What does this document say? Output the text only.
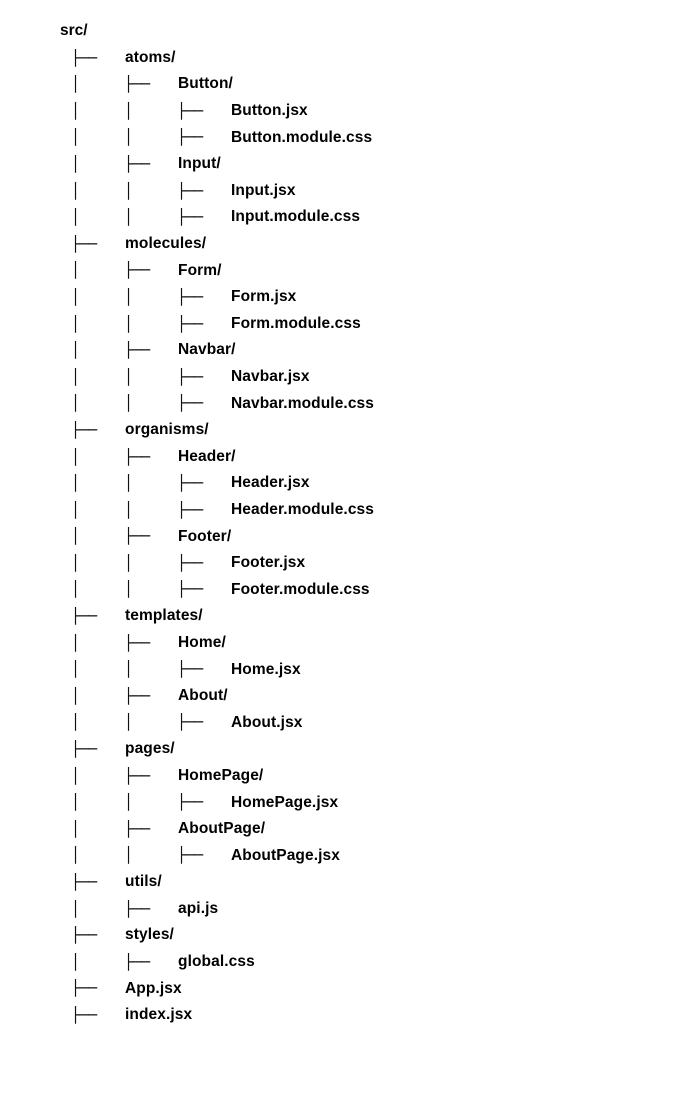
src/
├──
atoms/
│
├──
Button/
│
│
├──
Button.jsx
│
│
├──
Button.module.css
│
├──
Input/
│
│
├──
Input.jsx
│
│
├──
Input.module.css
├──
molecules/
│
├──
Form/
│
│
├──
Form.jsx
│
│
├──
Form.module.css
│
├──
Navbar/
│
│
├──
Navbar.jsx
│
│
├──
Navbar.module.css
├──
organisms/
│
├──
Header/
│
│
├──
Header.jsx
│
│
├──
Header.module.css
│
├──
Footer/
│
│
├──
Footer.jsx
│
│
├──
Footer.module.css
├──
templates/
│
├──
Home/
│
│
├──
Home.jsx
│
├──
About/
│
│
├──
About.jsx
├──
pages/
│
├──
HomePage/
│
│
├──
HomePage.jsx
│
├──
AboutPage/
│
│
├──
AboutPage.jsx
├──
utils/
│
├──
api.js
├──
styles/
│
├──
global.css
├──
App.jsx
├──
index.jsx
